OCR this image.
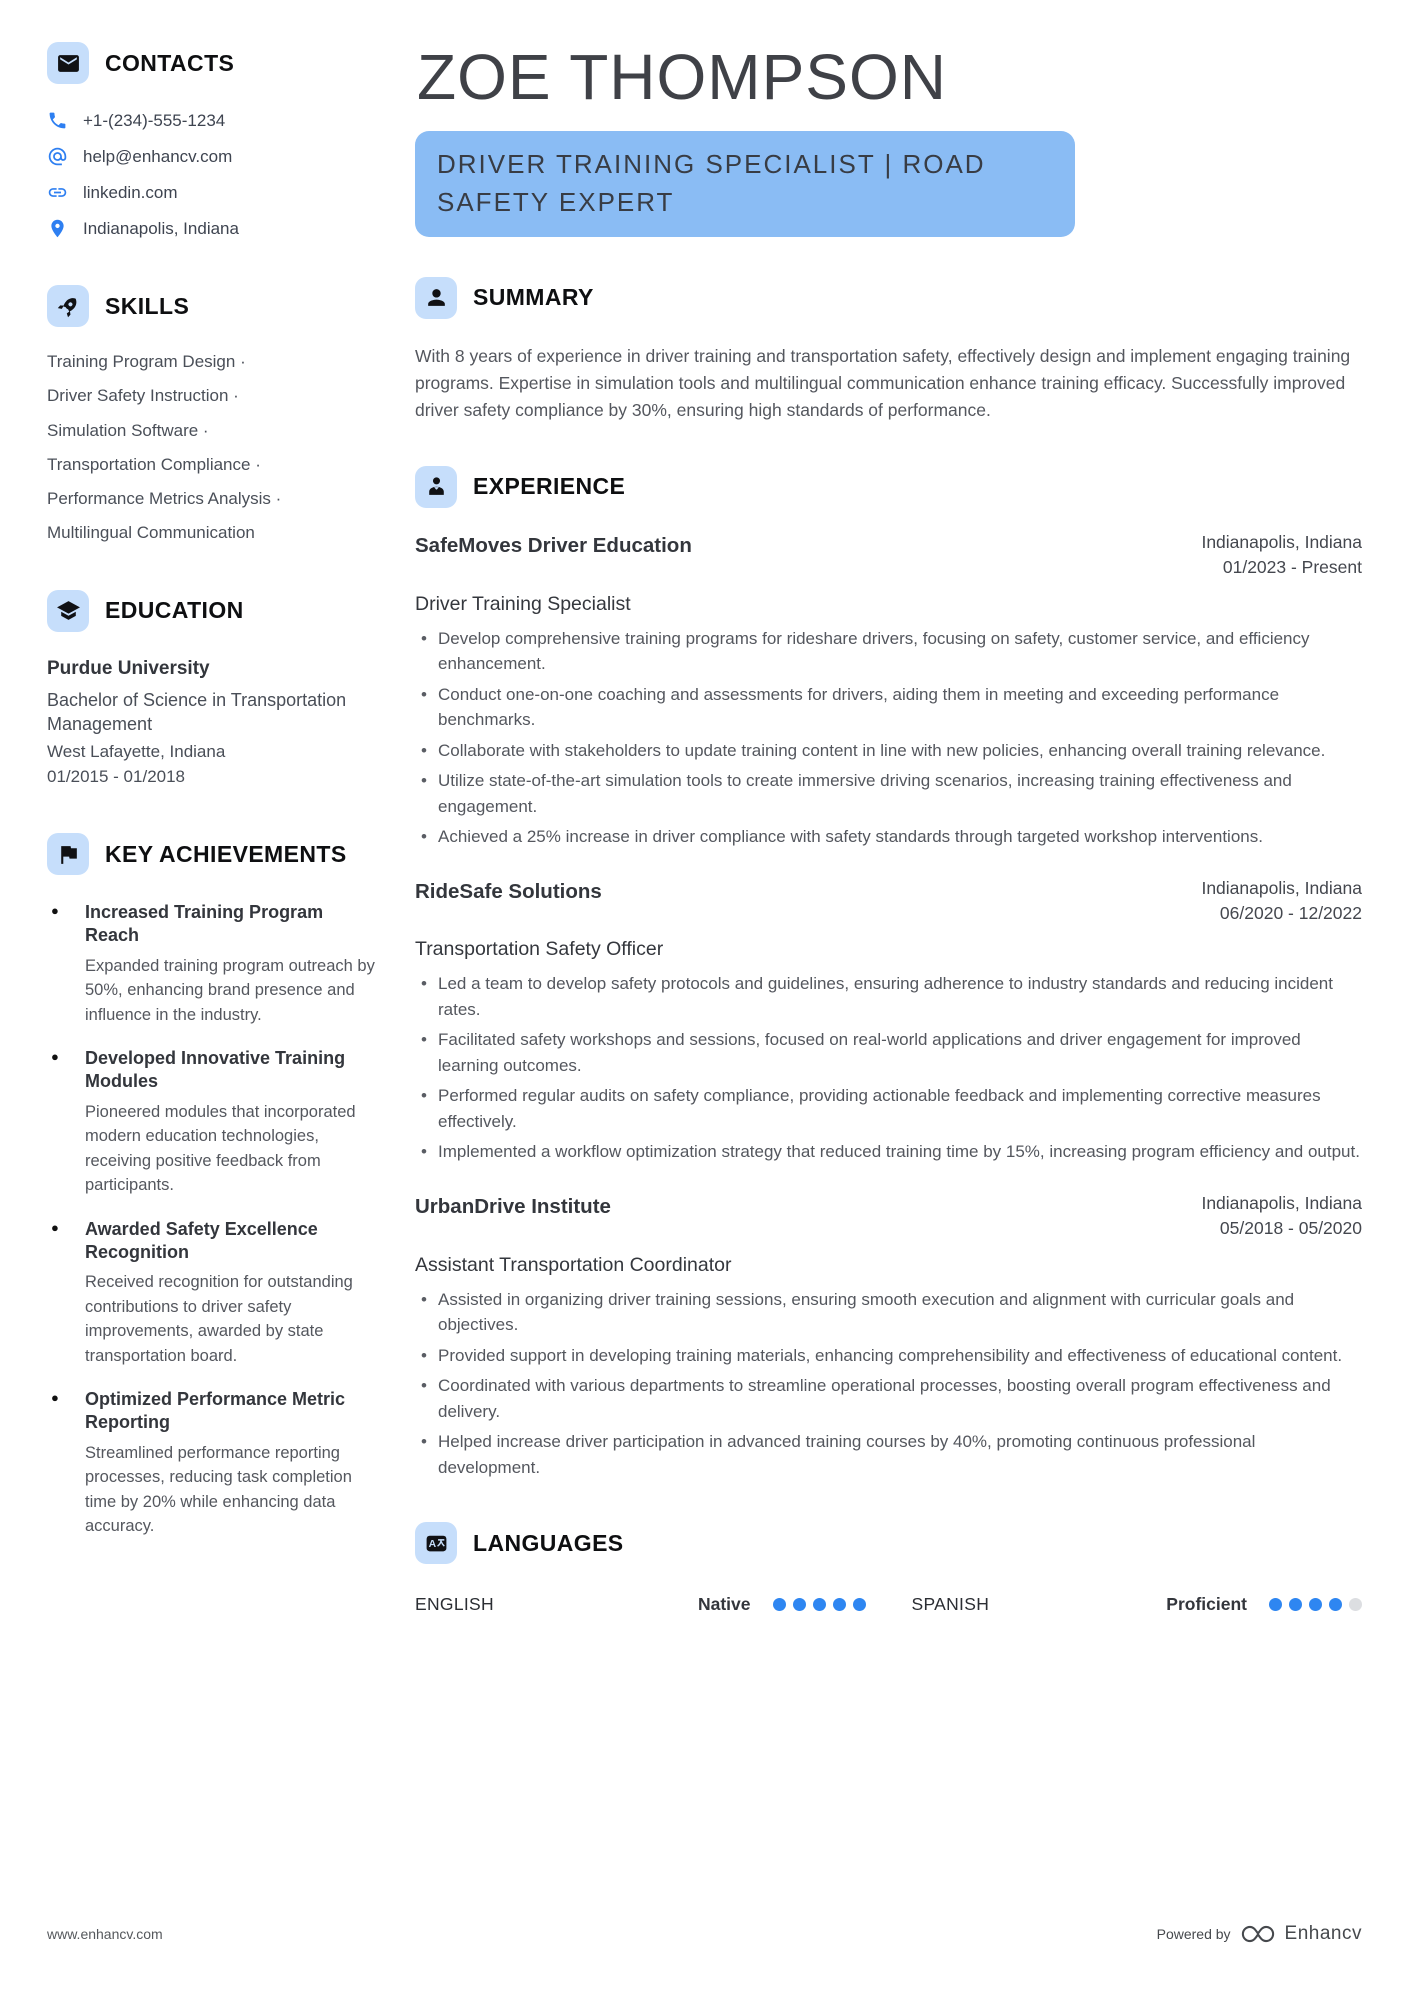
CONTACTS
+1-(234)-555-1234
help@enhancv.com
linkedin.com
Indianapolis, Indiana
SKILLS
Training Program Design ·
Driver Safety Instruction ·
Simulation Software ·
Transportation Compliance ·
Performance Metrics Analysis ·
Multilingual Communication
EDUCATION
Purdue University
Bachelor of Science in Transportation Management
West Lafayette, Indiana
01/2015 - 01/2018
KEY ACHIEVEMENTS
● Increased Training Program Reach

Expanded training program outreach by 50%, enhancing brand presence and influence in the industry.

● Developed Innovative Training Modules

Pioneered modules that incorporated modern education technologies, receiving positive feedback from participants.

● Awarded Safety Excellence Recognition

Received recognition for outstanding contributions to driver safety improvements, awarded by state transportation board.

● Optimized Performance Metric Reporting

Streamlined performance reporting processes, reducing task completion time by 20% while enhancing data accuracy.

ZOE THOMPSON
DRIVER TRAINING SPECIALIST | ROAD SAFETY EXPERT
SUMMARY

With 8 years of experience in driver training and transportation safety, effectively design and implement engaging training programs. Expertise in simulation tools and multilingual communication enhance training efficacy. Successfully improved driver safety compliance by 30%, ensuring high standards of performance.

EXPERIENCE
SafeMoves Driver Education	Indianapolis, Indiana
01/2023 - Present
Driver Training Specialist
• Develop comprehensive training programs for rideshare drivers, focusing on safety, customer service, and efficiency enhancement.
• Conduct one-on-one coaching and assessments for drivers, aiding them in meeting and exceeding performance benchmarks.
• Collaborate with stakeholders to update training content in line with new policies, enhancing overall training relevance.
• Utilize state-of-the-art simulation tools to create immersive driving scenarios, increasing training effectiveness and engagement.
• Achieved a 25% increase in driver compliance with safety standards through targeted workshop interventions.
RideSafe Solutions	Indianapolis, Indiana
06/2020 - 12/2022
Transportation Safety Officer
• Led a team to develop safety protocols and guidelines, ensuring adherence to industry standards and reducing incident rates.
• Facilitated safety workshops and sessions, focused on real-world applications and driver engagement for improved learning outcomes.
• Performed regular audits on safety compliance, providing actionable feedback and implementing corrective measures effectively.
• Implemented a workflow optimization strategy that reduced training time by 15%, increasing program efficiency and output.
UrbanDrive Institute	Indianapolis, Indiana
05/2018 - 05/2020
Assistant Transportation Coordinator
• Assisted in organizing driver training sessions, ensuring smooth execution and alignment with curricular goals and objectives.
• Provided support in developing training materials, enhancing comprehensibility and effectiveness of educational content.
• Coordinated with various departments to streamline operational processes, boosting overall program effectiveness and delivery.
• Helped increase driver participation in advanced training courses by 40%, promoting continuous professional development.
A LANGUAGES
ENGLISH	Native	SPANISH	Proficient
www.enhancv.com	Powered by	Enhancv
